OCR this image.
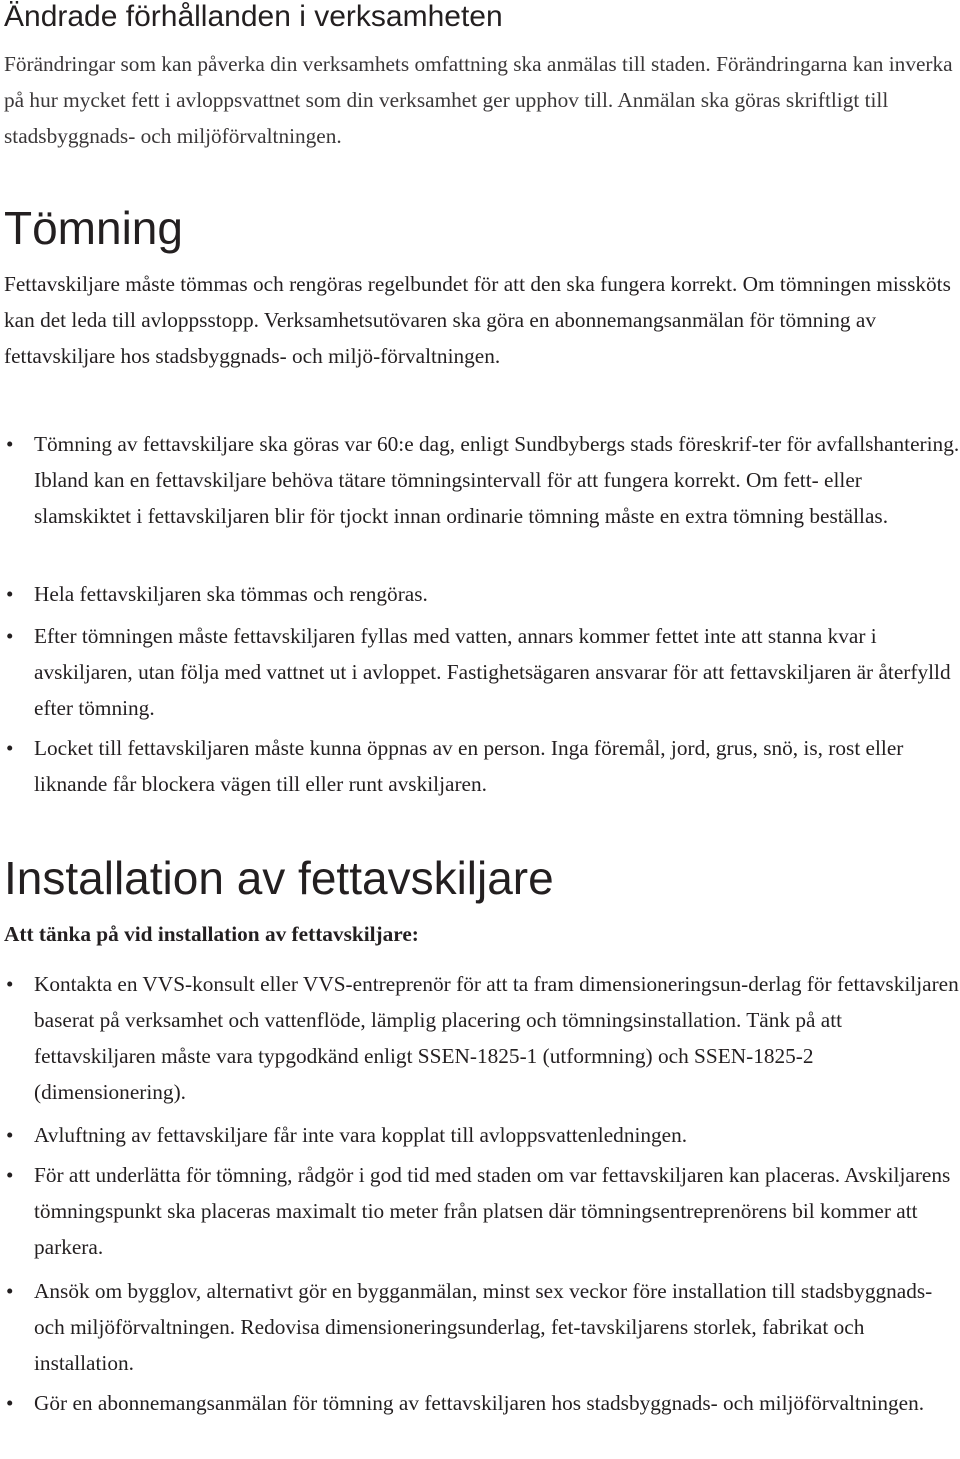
Ändrade förhållanden i verksamheten

Förändringar som kan påverka din verksamhets omfattning ska anmälas till staden. Förändringarna kan inverka på hur mycket fett i avloppsvattnet som din verksamhet ger upphov till. Anmälan ska göras skriftligt till stadsbyggnads- och miljöförvaltningen.

Tömning

Fettavskiljare måste tömmas och rengöras regelbundet för att den ska fungera korrekt. Om tömningen missköts kan det leda till avloppsstopp. Verksamhetsutövaren ska göra en abonnemangsanmälan för tömning av fettavskiljare hos stadsbyggnads- och miljö-förvaltningen.

• Tömning av fettavskiljare ska göras var 60:e dag, enligt Sundbybergs stads föreskrif-ter för avfallshantering. Ibland kan en fettavskiljare behöva tätare tömningsintervall för att fungera korrekt. Om fett- eller slamskiktet i fettavskiljaren blir för tjockt innan ordinarie tömning måste en extra tömning beställas.
• Hela fettavskiljaren ska tömmas och rengöras.
• Efter tömningen måste fettavskiljaren fyllas med vatten, annars kommer fettet inte att stanna kvar i avskiljaren, utan följa med vattnet ut i avloppet. Fastighetsägaren ansvarar för att fettavskiljaren är återfylld efter tömning.
• Locket till fettavskiljaren måste kunna öppnas av en person. Inga föremål, jord, grus, snö, is, rost eller liknande får blockera vägen till eller runt avskiljaren.
Installation av fettavskiljare

Att tänka på vid installation av fettavskiljare:

• Kontakta en VVS-konsult eller VVS-entreprenör för att ta fram dimensioneringsun-derlag för fettavskiljaren baserat på verksamhet och vattenflöde, lämplig placering och tömningsinstallation. Tänk på att fettavskiljaren måste vara typgodkänd enligt SSEN-1825-1 (utformning) och SSEN-1825-2 (dimensionering).
• Avluftning av fettavskiljare får inte vara kopplat till avloppsvattenledningen.
• För att underlätta för tömning, rådgör i god tid med staden om var fettavskiljaren kan placeras. Avskiljarens tömningspunkt ska placeras maximalt tio meter från platsen där tömningsentreprenörens bil kommer att parkera.
• Ansök om bygglov, alternativt gör en bygganmälan, minst sex veckor före installation till stadsbyggnads- och miljöförvaltningen. Redovisa dimensioneringsunderlag, fet-tavskiljarens storlek, fabrikat och installation.
• Gör en abonnemangsanmälan för tömning av fettavskiljaren hos stadsbyggnads- och miljöförvaltningen.
